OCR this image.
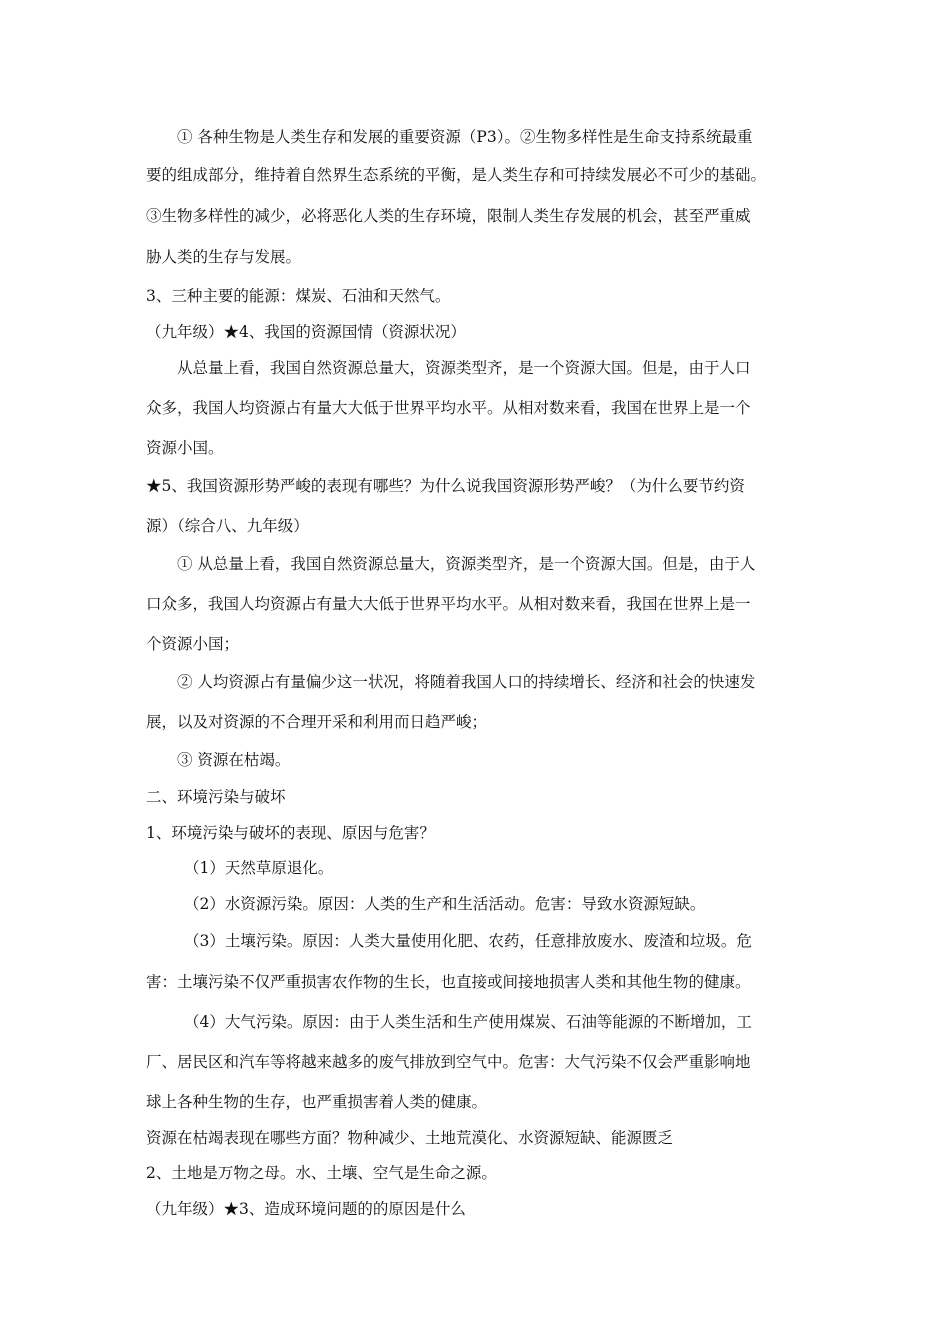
① 各种生物是人类生存和发展的重要资源（P3）。②生物多样性是生命支持系统最重
要的组成部分，维持着自然界生态系统的平衡，是人类生存和可持续发展必不可少的基础。
③生物多样性的减少，必将恶化人类的生存环境，限制人类生存发展的机会，甚至严重威
胁人类的生存与发展。
3、三种主要的能源：煤炭、石油和天然气。
（九年级）★4、我国的资源国情（资源状况）
从总量上看，我国自然资源总量大，资源类型齐，是一个资源大国。但是，由于人口
众多，我国人均资源占有量大大低于世界平均水平。从相对数来看，我国在世界上是一个
资源小国。
★5、我国资源形势严峻的表现有哪些？为什么说我国资源形势严峻？（为什么要节约资
源）（综合八、九年级）
① 从总量上看，我国自然资源总量大，资源类型齐，是一个资源大国。但是，由于人
口众多，我国人均资源占有量大大低于世界平均水平。从相对数来看，我国在世界上是一
个资源小国；
② 人均资源占有量偏少这一状况，将随着我国人口的持续增长、经济和社会的快速发
展，以及对资源的不合理开采和利用而日趋严峻；
③ 资源在枯竭。
二、环境污染与破坏
1、环境污染与破坏的表现、原因与危害？
（1）天然草原退化。
（2）水资源污染。原因：人类的生产和生活活动。危害：导致水资源短缺。
（3）土壤污染。原因：人类大量使用化肥、农药，任意排放废水、废渣和垃圾。危
害：土壤污染不仅严重损害农作物的生长，也直接或间接地损害人类和其他生物的健康。
（4）大气污染。原因：由于人类生活和生产使用煤炭、石油等能源的不断增加，工
厂、居民区和汽车等将越来越多的废气排放到空气中。危害：大气污染不仅会严重影响地
球上各种生物的生存，也严重损害着人类的健康。
资源在枯竭表现在哪些方面？物种减少、土地荒漠化、水资源短缺、能源匮乏
2、土地是万物之母。水、土壤、空气是生命之源。
（九年级）★3、造成环境问题的的原因是什么
